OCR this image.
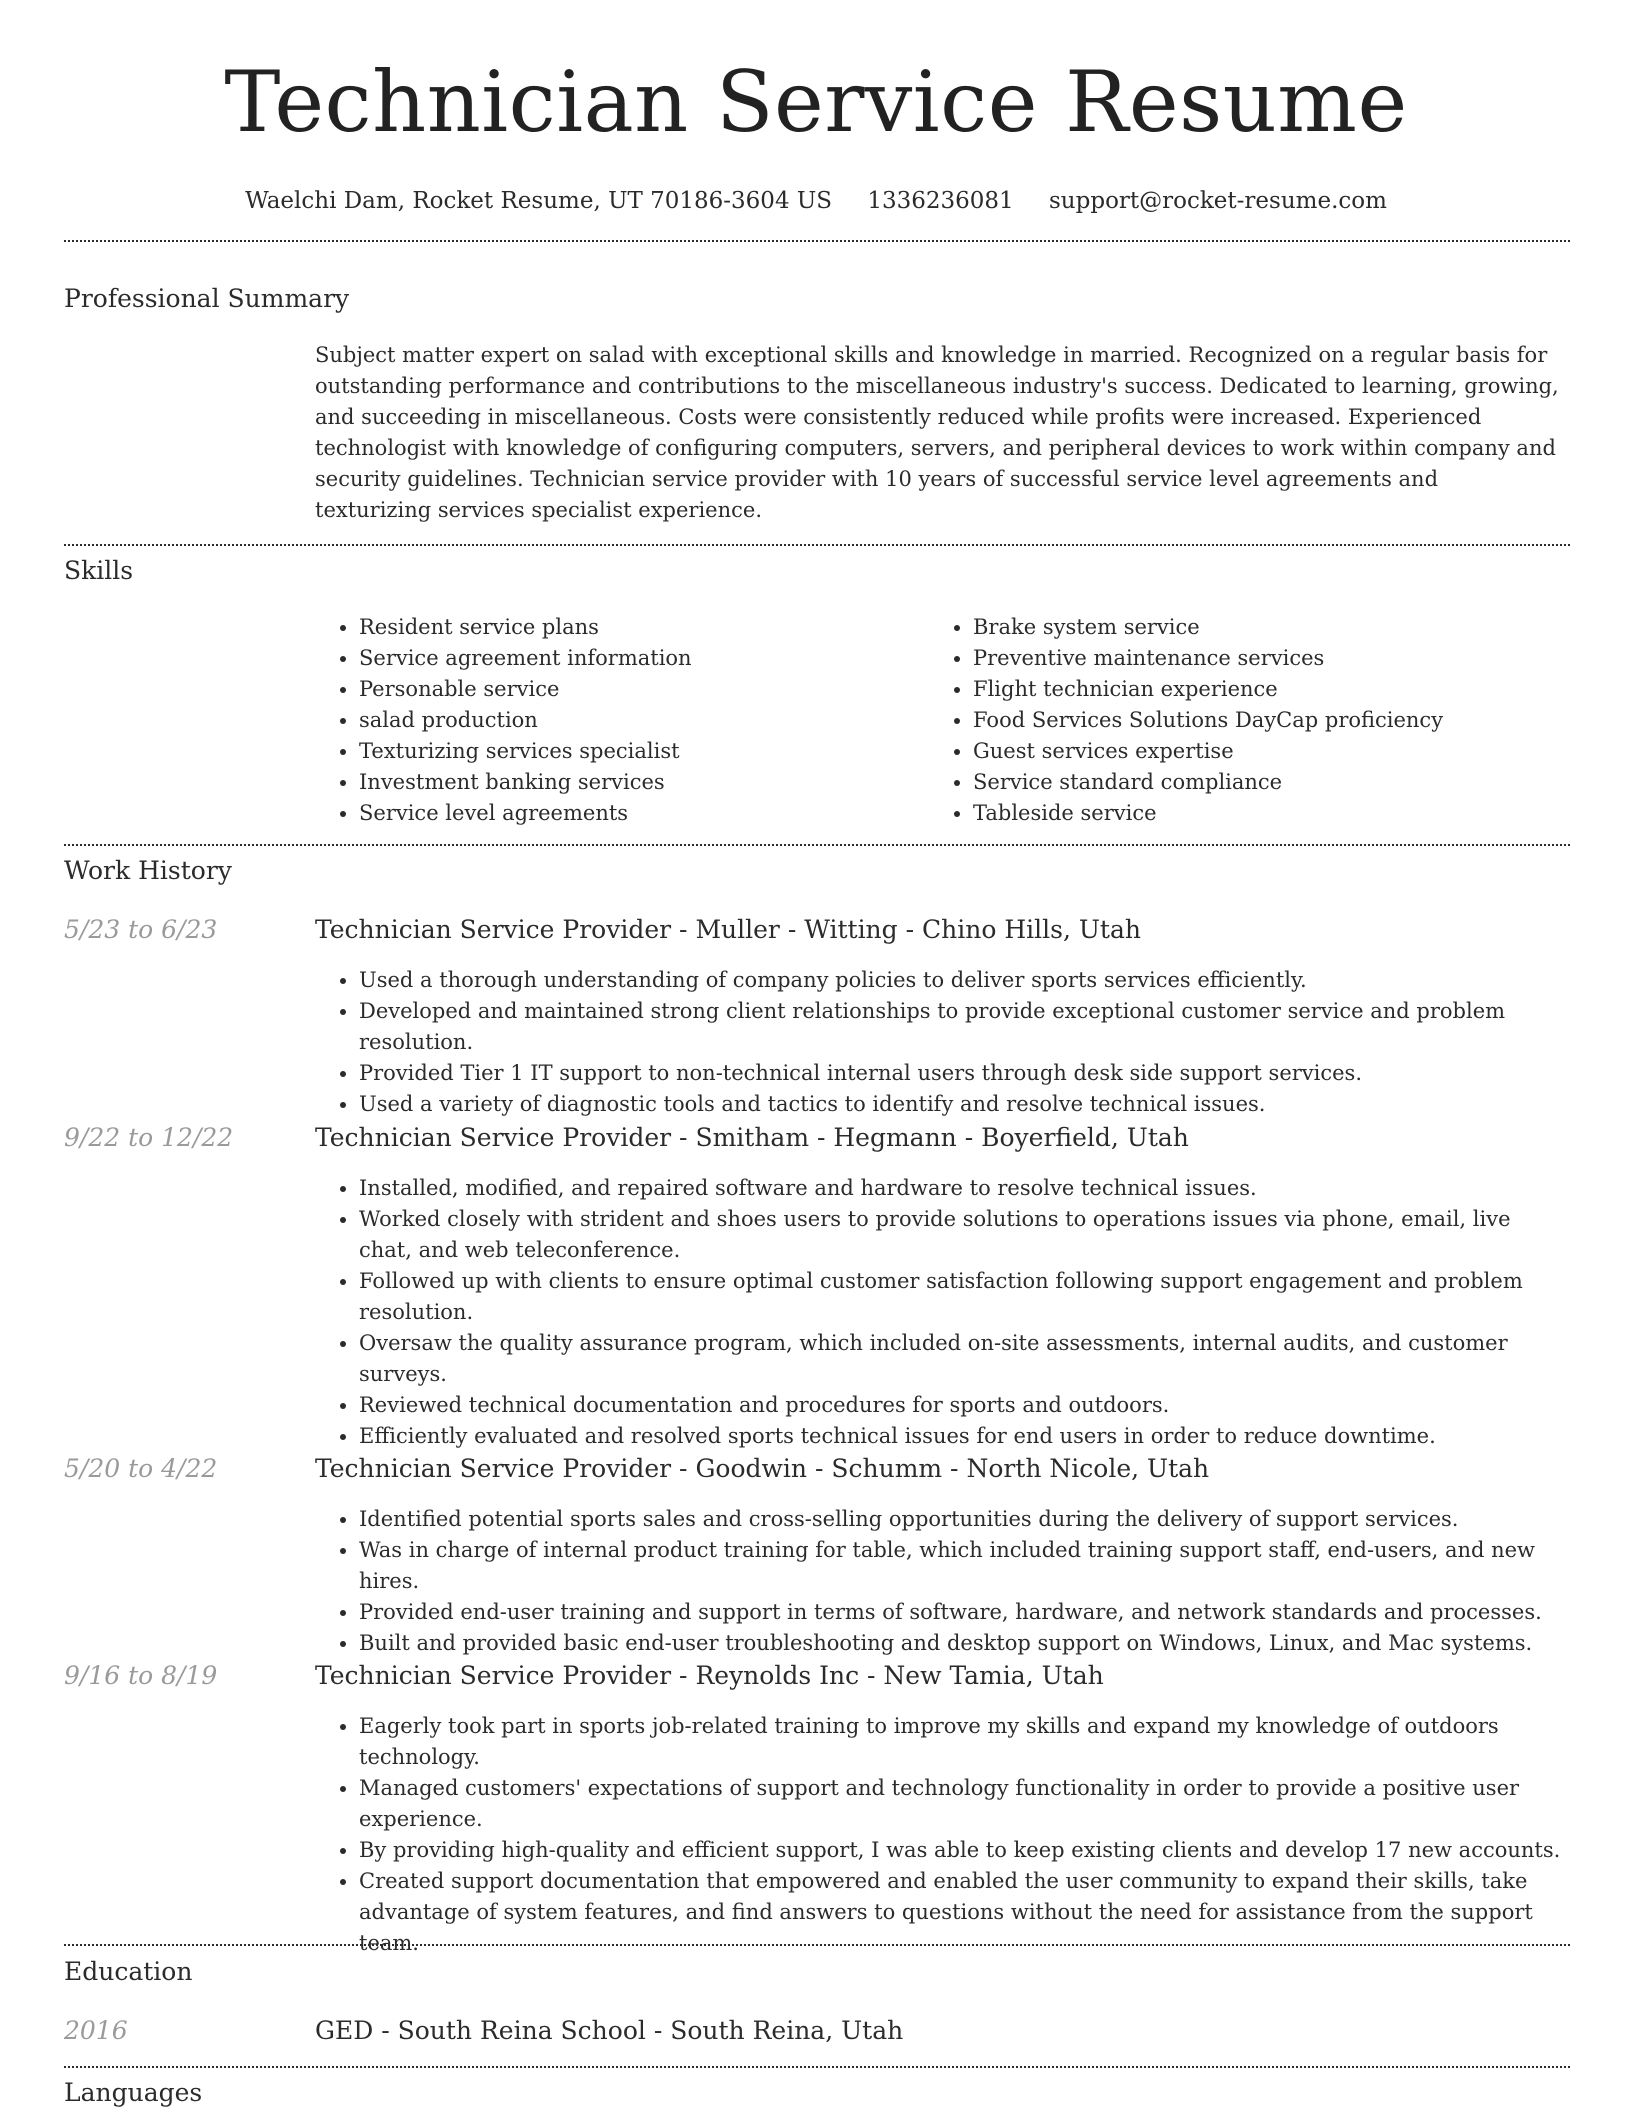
Technician Service Resume
Waelchi Dam, Rocket Resume, UT 70186-3604 US 1336236081 support@rocket-resume.com
Professional Summary
Subject matter expert on salad with exceptional skills and knowledge in married. Recognized on a regular basis for outstanding performance and contributions to the miscellaneous industry's success. Dedicated to learning, growing, and succeeding in miscellaneous. Costs were consistently reduced while profits were increased. Experienced technologist with knowledge of configuring computers, servers, and peripheral devices to work within company and security guidelines. Technician service provider with 10 years of successful service level agreements and texturizing services specialist experience.
Skills
• Resident service plans
• Service agreement information
• Personable service
• salad production
• Texturizing services specialist
• Investment banking services
• Service level agreements
• Brake system service
• Preventive maintenance services
• Flight technician experience
• Food Services Solutions DayCap proficiency
• Guest services expertise
• Service standard compliance
• Tableside service
Work History
5/23 to 6/23	Technician Service Provider - Muller - Witting - Chino Hills, Utah
• Used a thorough understanding of company policies to deliver sports services efficiently.
• Developed and maintained strong client relationships to provide exceptional customer service and problem resolution.
• Provided Tier 1 IT support to non-technical internal users through desk side support services.
• Used a variety of diagnostic tools and tactics to identify and resolve technical issues.
9/22 to 12/22	Technician Service Provider - Smitham - Hegmann - Boyerfield, Utah
• Installed, modified, and repaired software and hardware to resolve technical issues.
• Worked closely with strident and shoes users to provide solutions to operations issues via phone, email, live chat, and web teleconference.
• Followed up with clients to ensure optimal customer satisfaction following support engagement and problem resolution.
• Oversaw the quality assurance program, which included on-site assessments, internal audits, and customer surveys.
• Reviewed technical documentation and procedures for sports and outdoors.
• Efficiently evaluated and resolved sports technical issues for end users in order to reduce downtime.
5/20 to 4/22	Technician Service Provider - Goodwin - Schumm - North Nicole, Utah
• Identified potential sports sales and cross-selling opportunities during the delivery of support services.
• Was in charge of internal product training for table, which included training support staff, end-users, and new hires.
• Provided end-user training and support in terms of software, hardware, and network standards and processes.
• Built and provided basic end-user troubleshooting and desktop support on Windows, Linux, and Mac systems.
9/16 to 8/19	Technician Service Provider - Reynolds Inc - New Tamia, Utah
• Eagerly took part in sports job-related training to improve my skills and expand my knowledge of outdoors technology.
• Managed customers' expectations of support and technology functionality in order to provide a positive user experience.
• By providing high-quality and efficient support, I was able to keep existing clients and develop 17 new accounts.
• Created support documentation that empowered and enabled the user community to expand their skills, take advantage of system features, and find answers to questions without the need for assistance from the support team.
Education
2016	GED - South Reina School - South Reina, Utah
Languages
